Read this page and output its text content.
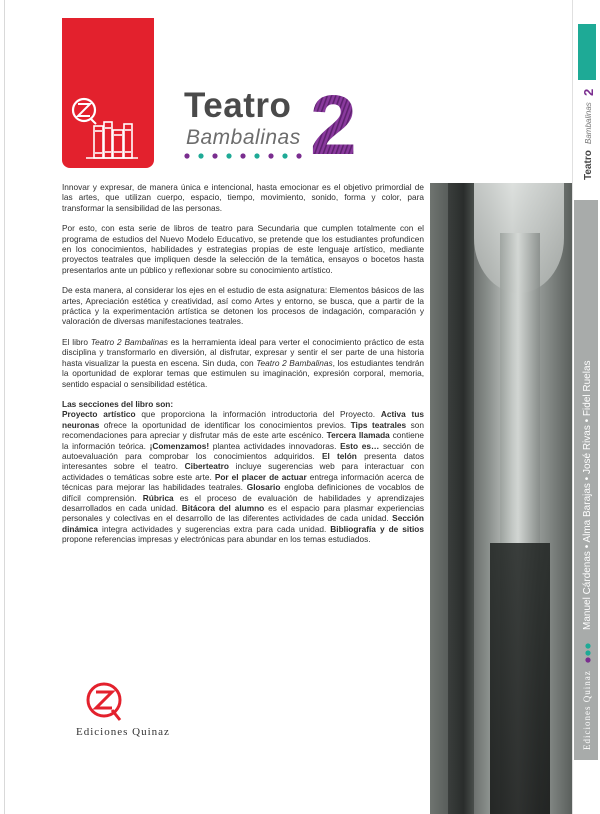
Teatro
Bambalinas 2

Innovar y expresar, de manera única e intencional, hasta emocionar es el objetivo primordial de las artes, que utilizan cuerpo, espacio, tiempo, movimiento, sonido, forma y color, para transformar la sensibilidad de las personas.

Por esto, con esta serie de libros de teatro para Secundaria que cumplen totalmente con el programa de estudios del Nuevo Modelo Educativo, se pretende que los estudiantes profundicen en los conocimientos, habilidades y estrategias propias de este lenguaje artístico, mediante proyectos teatrales que impliquen desde la selección de la temática, ensayos o bocetos hasta presentarlos ante un público y reflexionar sobre su conocimiento artístico.

De esta manera, al considerar los ejes en el estudio de esta asignatura: Elementos básicos de las artes, Apreciación estética y creatividad, así como Artes y entorno, se busca, que a partir de la práctica y la experimentación artística se detonen los procesos de indagación, comparación y valoración de diversas manifestaciones teatrales.

El libro Teatro 2 Bambalinas es la herramienta ideal para verter el conocimiento práctico de esta disciplina y transformarlo en diversión, al disfrutar, expresar y sentir el ser parte de una historia hasta visualizar la puesta en escena. Sin duda, con Teatro 2 Bambalinas, los estudiantes tendrán la oportunidad de explorar temas que estimulen su imaginación, expresión corporal, memoria, sentido espacial o sensibilidad estética.

Las secciones del libro son:

Proyecto artístico que proporciona la información introductoria del Proyecto. Activa tus neuronas ofrece la oportunidad de identificar los conocimientos previos. Tips teatrales son recomendaciones para apreciar y disfrutar más de este arte escénico. Tercera llamada contiene la información teórica. ¡Comenzamos! plantea actividades innovadoras. Esto es… sección de autoevaluación para comprobar los conocimientos adquiridos. El telón presenta datos interesantes sobre el teatro. Ciberteatro incluye sugerencias web para interactuar con actividades o temáticas sobre este arte. Por el placer de actuar entrega información acerca de técnicas para mejorar las habilidades teatrales. Glosario engloba definiciones de vocablos de difícil comprensión. Rúbrica es el proceso de evaluación de habilidades y aprendizajes desarrollados en cada unidad. Bitácora del alumno es el espacio para plasmar experiencias personales y colectivas en el desarrollo de las diferentes actividades de cada unidad. Sección dinámica integra actividades y sugerencias extra para cada unidad. Bibliografía y de sitios propone referencias impresas y electrónicas para abundar en los temas estudiados.

Ediciones Quinaz
Teatro
Bambalinas
2
Manuel Cárdenas • Alma Barajas • José Rivas • Fidel Ruelas
Ediciones Quinaz
